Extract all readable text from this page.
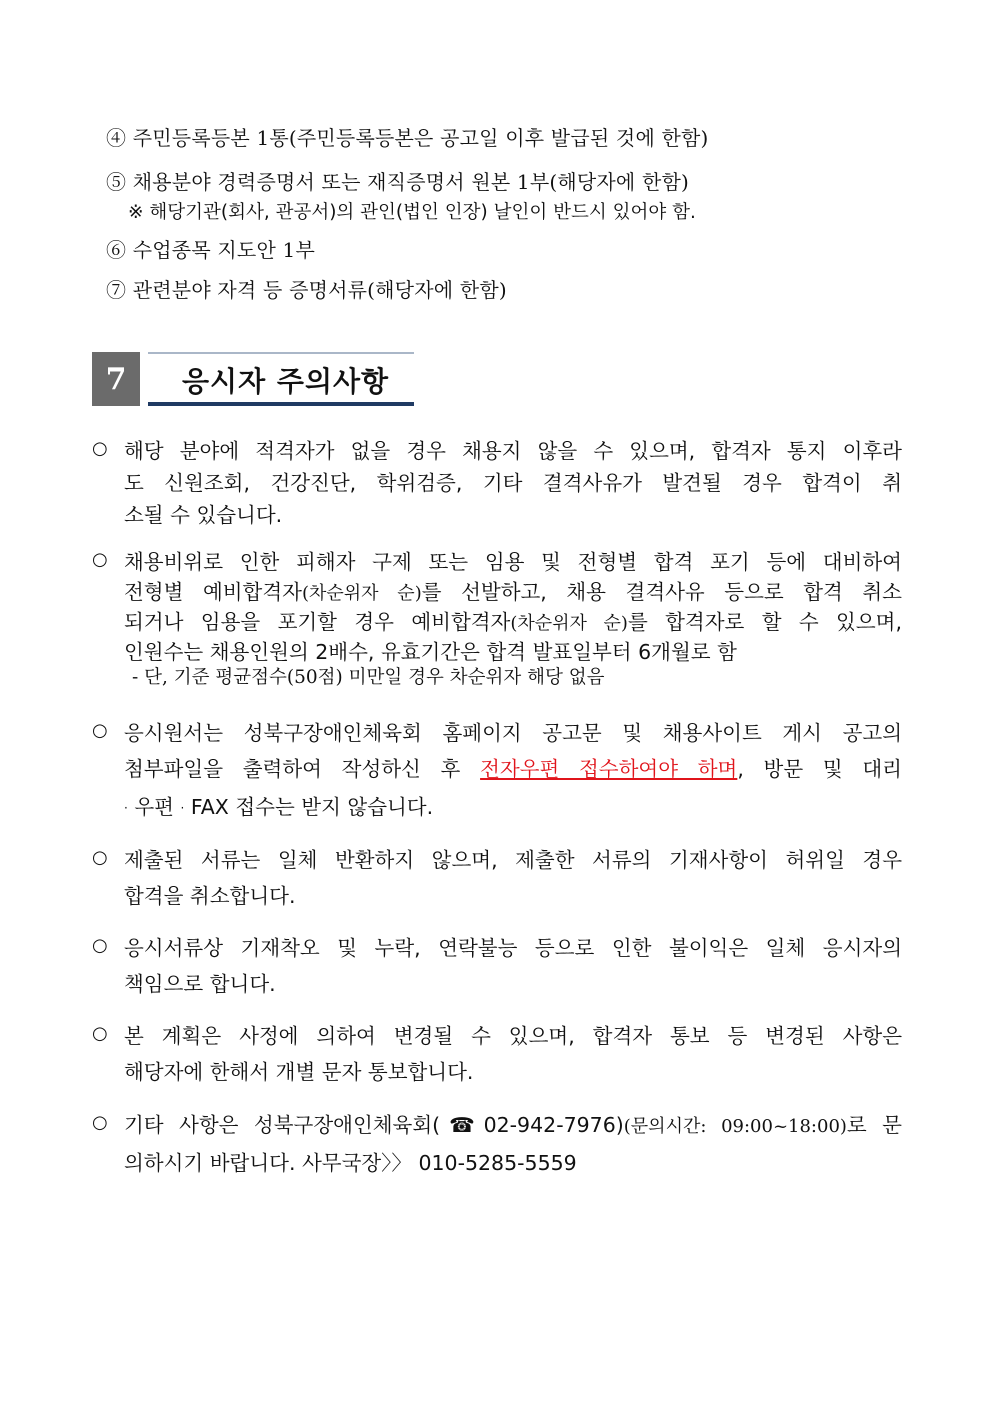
④ 주민등록등본 1통(주민등록등본은 공고일 이후 발급된 것에 한함)
⑤ 채용분야 경력증명서 또는 재직증명서 원본 1부(해당자에 한함)
※ 해당기관(회사, 관공서)의 관인(법인 인장) 날인이 반드시 있어야 함.
⑥ 수업종목 지도안 1부
⑦ 관련분야 자격 등 증명서류(해당자에 한함)
7	응시자 주의사항
○ 해당 분야에 적격자가 없을 경우 채용지 않을 수 있으며, 합격자 통지 이후라
도 신원조회, 건강진단, 학위검증, 기타 결격사유가 발견될 경우 합격이 취
소될 수 있습니다.
○ 채용비위로 인한 피해자 구제 또는 임용 및 전형별 합격 포기 등에 대비하여
전형별 예비합격자(차순위자 순)를 선발하고, 채용 결격사유 등으로 합격 취소
되거나 임용을 포기할 경우 예비합격자(차순위자 순)를 합격자로 할 수 있으며,
인원수는 채용인원의 2배수, 유효기간은 합격 발표일부터 6개월로 함
- 단, 기준 평균점수(50점) 미만일 경우 차순위자 해당 없음
○ 응시원서는 성북구장애인체육회 홈페이지 공고문 및 채용사이트 게시 공고의
첨부파일을 출력하여 작성하신 후 전자우편 접수하여야 하며, 방문 및 대리
· 우편 · FAX 접수는 받지 않습니다.
○ 제출된 서류는 일체 반환하지 않으며, 제출한 서류의 기재사항이 허위일 경우
합격을 취소합니다.
○ 응시서류상 기재착오 및 누락, 연락불능 등으로 인한 불이익은 일체 응시자의
책임으로 합니다.
○ 본 계획은 사정에 의하여 변경될 수 있으며, 합격자 통보 등 변경된 사항은
해당자에 한해서 개별 문자 통보합니다.
○ 기타 사항은 성북구장애인체육회(☎02-942-7976)(문의시간: 09:00~18:00)로 문
의하시기 바랍니다. 사무국장〉〉 010-5285-5559
